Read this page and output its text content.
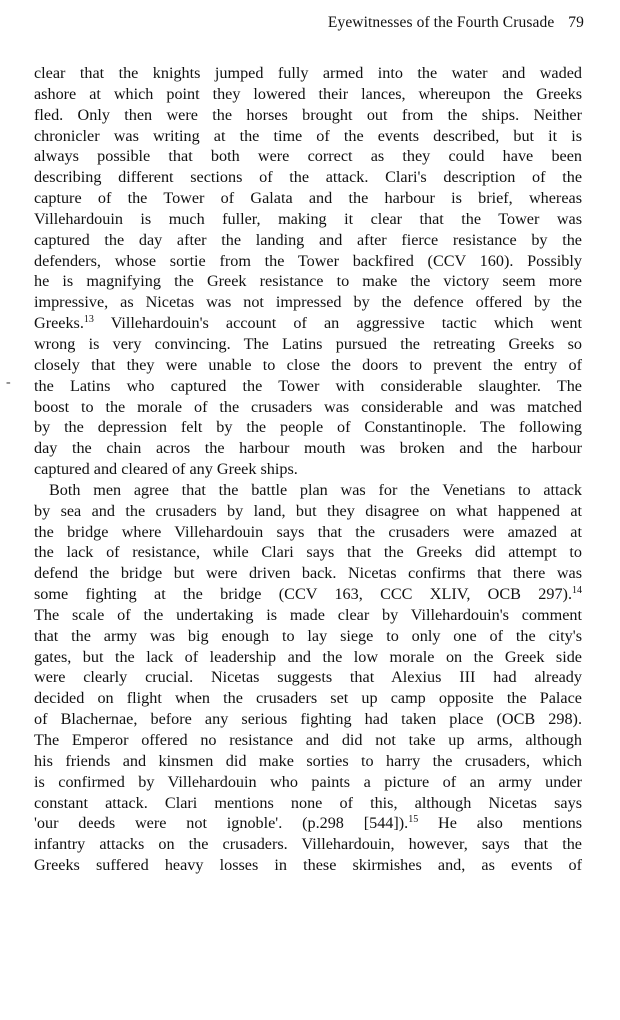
Eyewitnesses of the Fourth Crusade 79
-
clear that the knights jumped fully armed into the water and waded
ashore at which point they lowered their lances, whereupon the Greeks
fled. Only then were the horses brought out from the ships. Neither
chronicler was writing at the time of the events described, but it is
always possible that both were correct as they could have been
describing different sections of the attack. Clari's description of the
capture of the Tower of Galata and the harbour is brief, whereas
Villehardouin is much fuller, making it clear that the Tower was
captured the day after the landing and after fierce resistance by the
defenders, whose sortie from the Tower backfired (CCV 160). Possibly
he is magnifying the Greek resistance to make the victory seem more
impressive, as Nicetas was not impressed by the defence offered by the
Greeks.$^{13}$ Villehardouin's account of an aggressive tactic which went
wrong is very convincing. The Latins pursued the retreating Greeks so
closely that they were unable to close the doors to prevent the entry of
the Latins who captured the Tower with considerable slaughter. The
boost to the morale of the crusaders was considerable and was matched
by the depression felt by the people of Constantinople. The following
day the chain acros the harbour mouth was broken and the harbour
captured and cleared of any Greek ships.
Both men agree that the battle plan was for the Venetians to attack
by sea and the crusaders by land, but they disagree on what happened at
the bridge where Villehardouin says that the crusaders were amazed at
the lack of resistance, while Clari says that the Greeks did attempt to
defend the bridge but were driven back. Nicetas confirms that there was
some fighting at the bridge (CCV 163, CCC XLIV, OCB 297).$^{14}$
The scale of the undertaking is made clear by Villehardouin's comment
that the army was big enough to lay siege to only one of the city's
gates, but the lack of leadership and the low morale on the Greek side
were clearly crucial. Nicetas suggests that Alexius III had already
decided on flight when the crusaders set up camp opposite the Palace
of Blachernae, before any serious fighting had taken place (OCB 298).
The Emperor offered no resistance and did not take up arms, although
his friends and kinsmen did make sorties to harry the crusaders, which
is confirmed by Villehardouin who paints a picture of an army under
constant attack. Clari mentions none of this, although Nicetas says
'our deeds were not ignoble'. (p.298 [544]).$^{15}$ He also mentions
infantry attacks on the crusaders. Villehardouin, however, says that the
Greeks suffered heavy losses in these skirmishes and, as events of
